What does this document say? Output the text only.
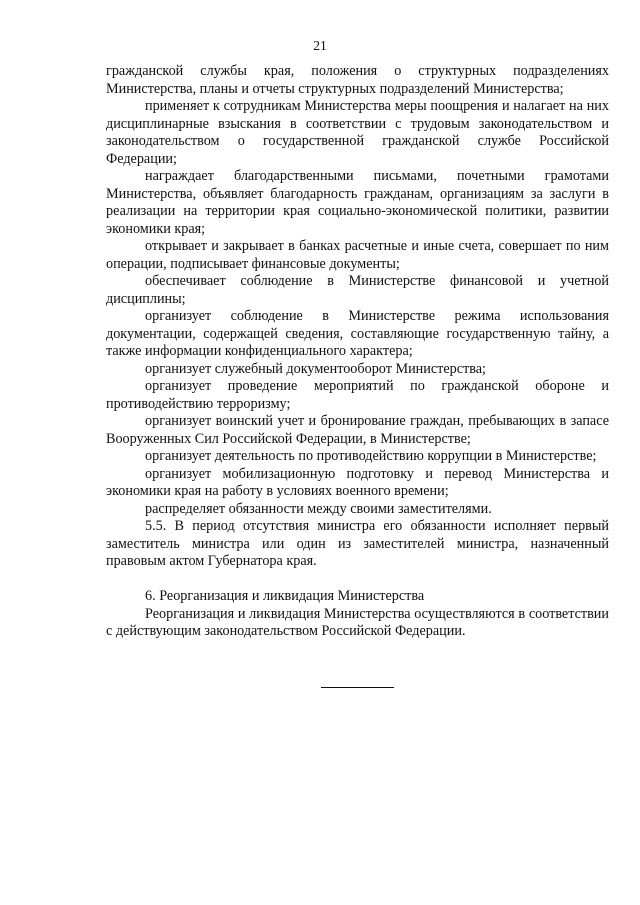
21

гражданской службы края, положения о структурных подразделениях Министерства, планы и отчеты структурных подразделений Министерства;

применяет к сотрудникам Министерства меры поощрения и налагает на них дисциплинарные взыскания в соответствии с трудовым законодательством и законодательством о государственной гражданской службе Российской Федерации;

награждает благодарственными письмами, почетными грамотами Министерства, объявляет благодарность гражданам, организациям за заслуги в реализации на территории края социально-экономической политики, развитии экономики края;

открывает и закрывает в банках расчетные и иные счета, совершает по ним операции, подписывает финансовые документы;

обеспечивает соблюдение в Министерстве финансовой и учетной дисциплины;

организует соблюдение в Министерстве режима использования документации, содержащей сведения, составляющие государственную тайну, а также информации конфиденциального характера;

организует служебный документооборот Министерства;

организует проведение мероприятий по гражданской обороне и противодействию терроризму;

организует воинский учет и бронирование граждан, пребывающих в запасе Вооруженных Сил Российской Федерации, в Министерстве;

организует деятельность по противодействию коррупции в Министерстве;

организует мобилизационную подготовку и перевод Министерства и экономики края на работу в условиях военного времени;

распределяет обязанности между своими заместителями.

5.5. В период отсутствия министра его обязанности исполняет первый заместитель министра или один из заместителей министра, назначенный правовым актом Губернатора края.

6. Реорганизация и ликвидация Министерства

Реорганизация и ликвидация Министерства осуществляются в соответствии с действующим законодательством Российской Федерации.
